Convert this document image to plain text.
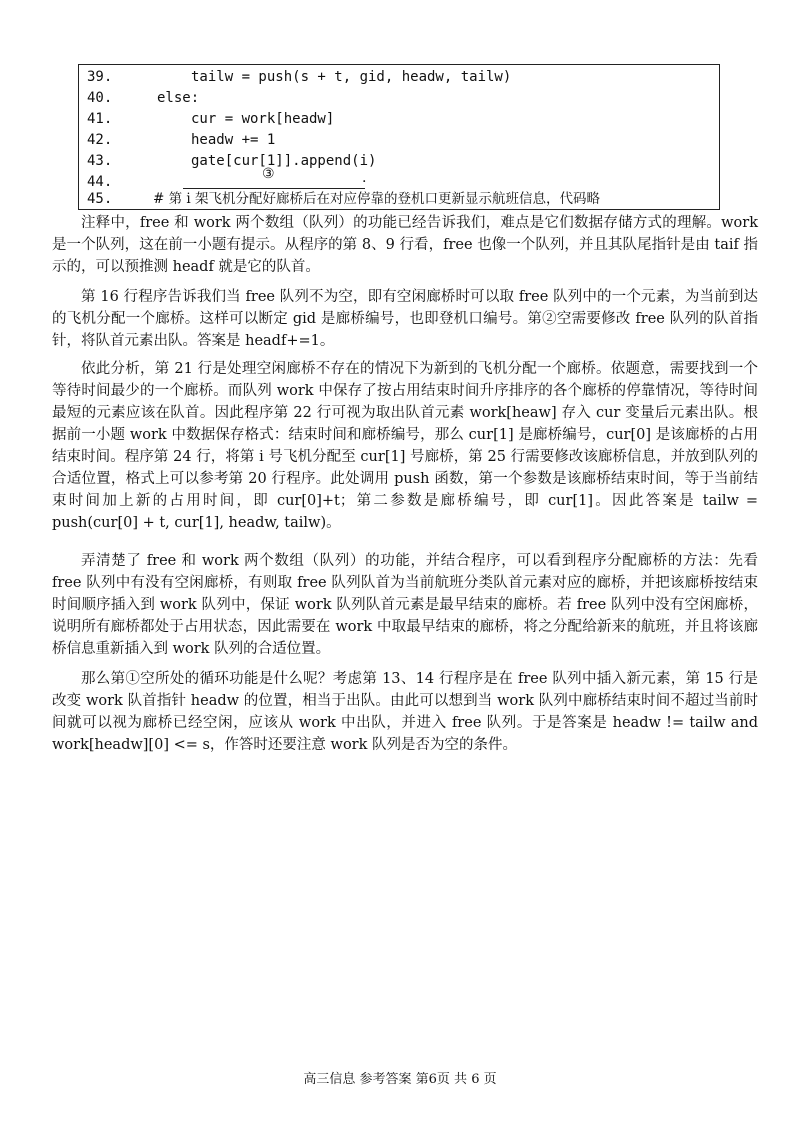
39.	tailw = push(s + t, gid, headw, tailw)
40.	else:
41.	cur = work[headw]
42.	headw += 1
43.	gate[cur[1]].append(i)
44.
45.	# 第 i 架飞机分配好廊桥后在对应停靠的登机口更新显示航班信息，代码略
③	.

注释中，free 和 work 两个数组（队列）的功能已经告诉我们，难点是它们数据存储方式的理解。work 是一个队列，这在前一小题有提示。从程序的第 8、9 行看，free 也像一个队列，并且其队尾指针是由 taif 指示的，可以预推测 headf 就是它的队首。

第 16 行程序告诉我们当 free 队列不为空，即有空闲廊桥时可以取 free 队列中的一个元素，为当前到达的飞机分配一个廊桥。这样可以断定 gid 是廊桥编号，也即登机口编号。第②空需要修改 free 队列的队首指针，将队首元素出队。答案是 headf+=1。

依此分析，第 21 行是处理空闲廊桥不存在的情况下为新到的飞机分配一个廊桥。依题意，需要找到一个等待时间最少的一个廊桥。而队列 work 中保存了按占用结束时间升序排序的各个廊桥的停靠情况，等待时间最短的元素应该在队首。因此程序第 22 行可视为取出队首元素 work[heaw] 存入 cur 变量后元素出队。根据前一小题 work 中数据保存格式：结束时间和廊桥编号，那么 cur[1] 是廊桥编号，cur[0] 是该廊桥的占用结束时间。程序第 24 行，将第 i 号飞机分配至 cur[1] 号廊桥，第 25 行需要修改该廊桥信息，并放到队列的合适位置，格式上可以参考第 20 行程序。此处调用 push 函数，第一个参数是该廊桥结束时间，等于当前结束时间加上新的占用时间，即 cur[0]+t；第二参数是廊桥编号，即 cur[1]。因此答案是 tailw = push(cur[0] + t, cur[1], headw, tailw)。

弄清楚了 free 和 work 两个数组（队列）的功能，并结合程序，可以看到程序分配廊桥的方法：先看 free 队列中有没有空闲廊桥，有则取 free 队列队首为当前航班分类队首元素对应的廊桥，并把该廊桥按结束时间顺序插入到 work 队列中，保证 work 队列队首元素是最早结束的廊桥。若 free 队列中没有空闲廊桥，说明所有廊桥都处于占用状态，因此需要在 work 中取最早结束的廊桥，将之分配给新来的航班，并且将该廊桥信息重新插入到 work 队列的合适位置。

那么第①空所处的循环功能是什么呢？考虑第 13、14 行程序是在 free 队列中插入新元素，第 15 行是改变 work 队首指针 headw 的位置，相当于出队。由此可以想到当 work 队列中廊桥结束时间不超过当前时间就可以视为廊桥已经空闲，应该从 work 中出队，并进入 free 队列。于是答案是 headw != tailw and work[headw][0] <= s，作答时还要注意 work 队列是否为空的条件。

高三信息 参考答案 第6页 共 6 页
